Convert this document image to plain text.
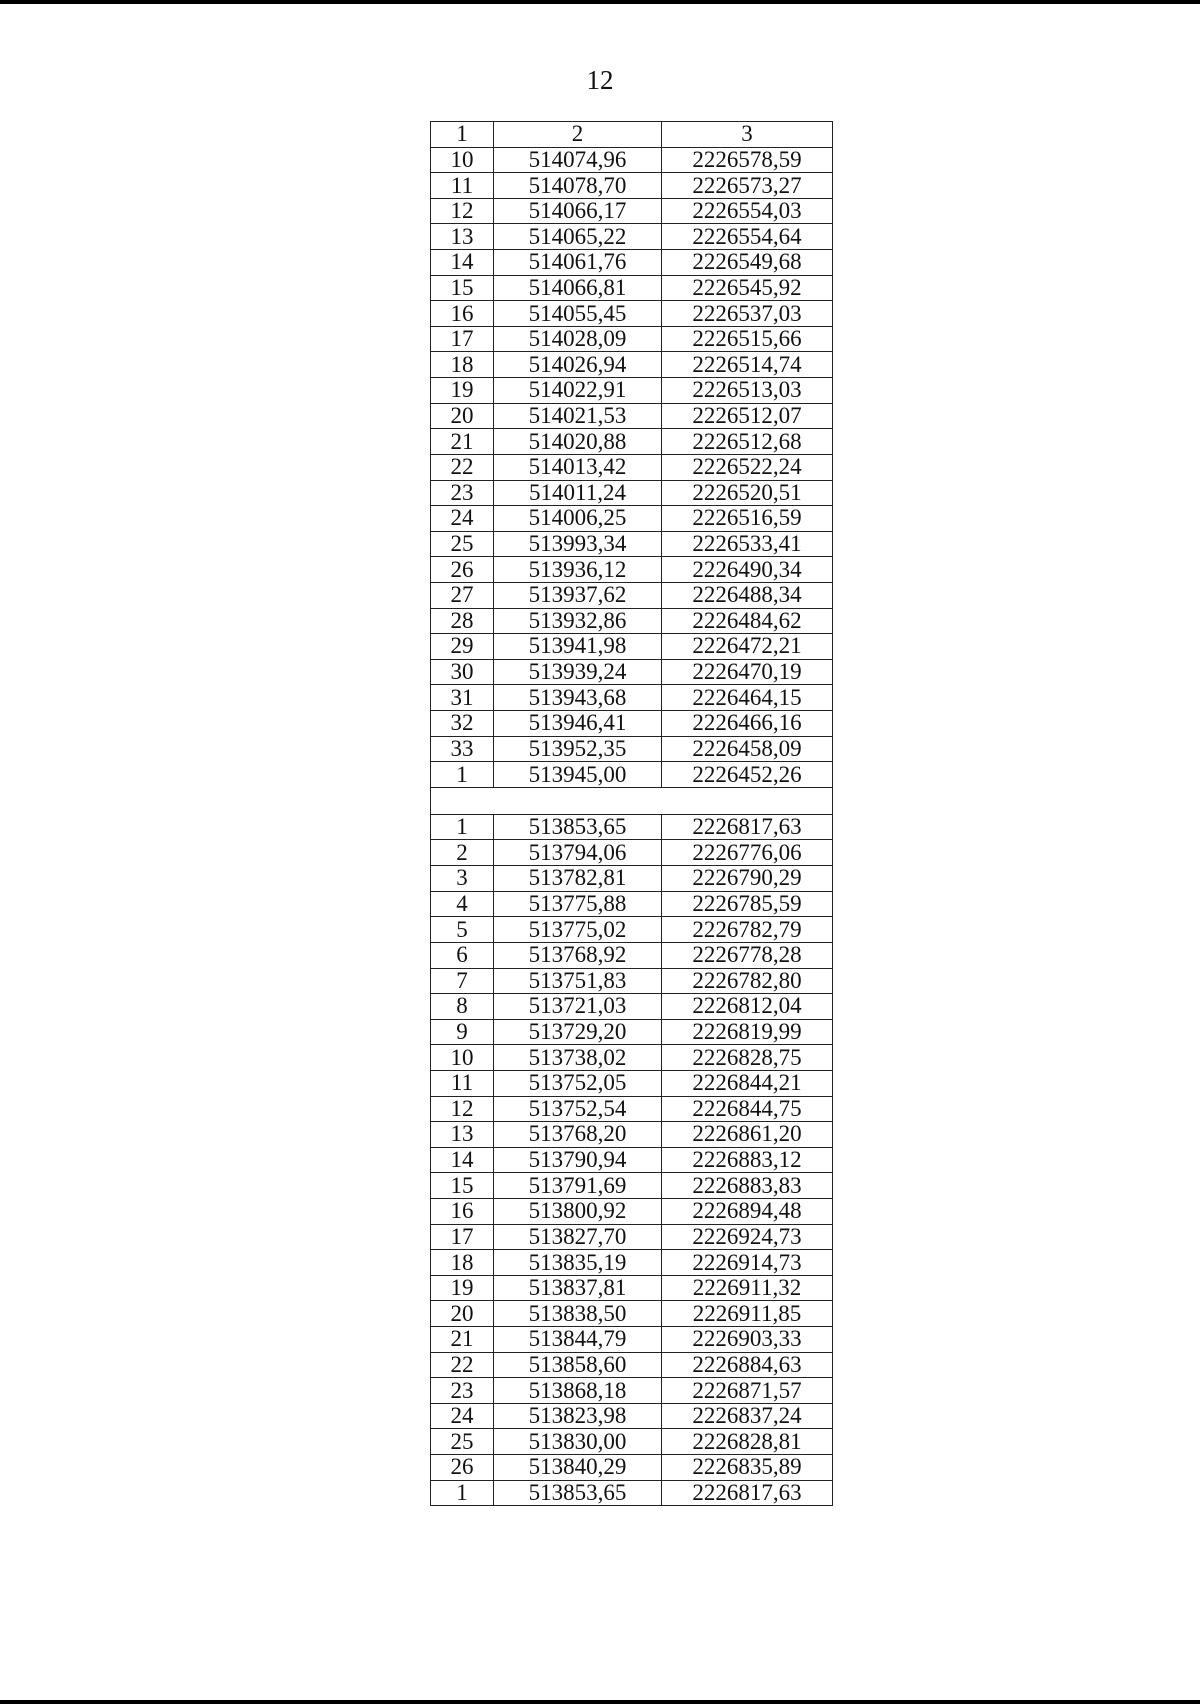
12
1	2	3
10	514074,96	2226578,59
11	514078,70	2226573,27
12	514066,17	2226554,03
13	514065,22	2226554,64
14	514061,76	2226549,68
15	514066,81	2226545,92
16	514055,45	2226537,03
17	514028,09	2226515,66
18	514026,94	2226514,74
19	514022,91	2226513,03
20	514021,53	2226512,07
21	514020,88	2226512,68
22	514013,42	2226522,24
23	514011,24	2226520,51
24	514006,25	2226516,59
25	513993,34	2226533,41
26	513936,12	2226490,34
27	513937,62	2226488,34
28	513932,86	2226484,62
29	513941,98	2226472,21
30	513939,24	2226470,19
31	513943,68	2226464,15
32	513946,41	2226466,16
33	513952,35	2226458,09
1	513945,00	2226452,26

1	513853,65	2226817,63
2	513794,06	2226776,06
3	513782,81	2226790,29
4	513775,88	2226785,59
5	513775,02	2226782,79
6	513768,92	2226778,28
7	513751,83	2226782,80
8	513721,03	2226812,04
9	513729,20	2226819,99
10	513738,02	2226828,75
11	513752,05	2226844,21
12	513752,54	2226844,75
13	513768,20	2226861,20
14	513790,94	2226883,12
15	513791,69	2226883,83
16	513800,92	2226894,48
17	513827,70	2226924,73
18	513835,19	2226914,73
19	513837,81	2226911,32
20	513838,50	2226911,85
21	513844,79	2226903,33
22	513858,60	2226884,63
23	513868,18	2226871,57
24	513823,98	2226837,24
25	513830,00	2226828,81
26	513840,29	2226835,89
1	513853,65	2226817,63
